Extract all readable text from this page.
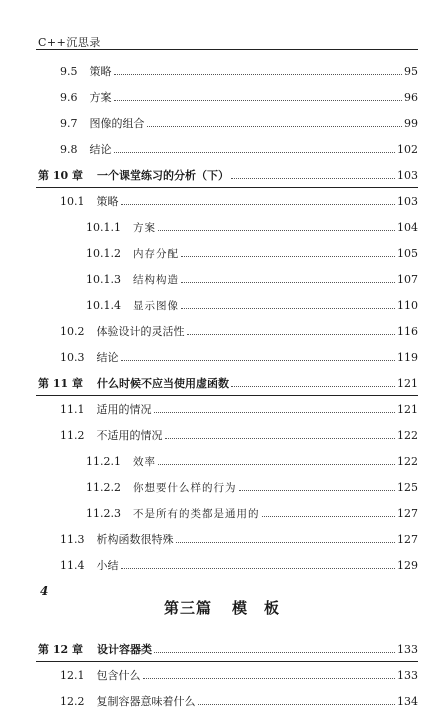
C++沉思录
9.5 策略	95
9.6 方案	96
9.7 图像的组合	99
9.8 结论	102
第 10 章 一个课堂练习的分析（下）	103
10.1 策略	103
10.1.1 方案	104
10.1.2 内存分配	105
10.1.3 结构构造	107
10.1.4 显示图像	110
10.2 体验设计的灵活性	116
10.3 结论	119
第 11 章 什么时候不应当使用虚函数	121
11.1 适用的情况	121
11.2 不适用的情况	122
11.2.1 效率	122
11.2.2 你想要什么样的行为	125
11.2.3 不是所有的类都是通用的	127
11.3 析构函数很特殊	127
11.4 小结	129
第三篇 模　板
第 12 章 设计容器类	133
12.1 包含什么	133
12.2 复制容器意味着什么	134
4
